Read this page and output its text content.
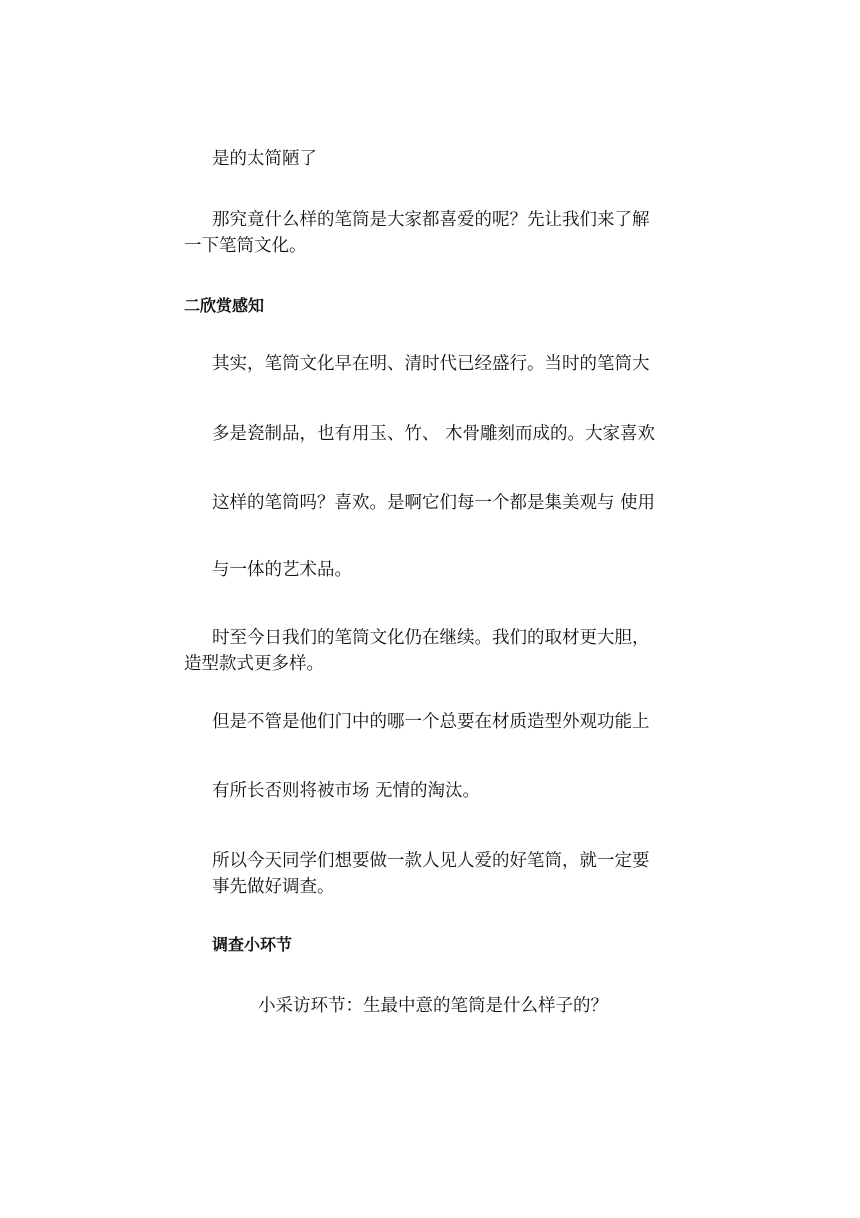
是的太简陋了

那究竟什么样的笔筒是大家都喜爱的呢？先让我们来了解

一下笔筒文化。

二欣赏感知

其实，笔筒文化早在明、清时代已经盛行。当时的笔筒大

多是瓷制品，也有用玉、竹、 木骨雕刻而成的。大家喜欢

这样的笔筒吗？喜欢。是啊它们每一个都是集美观与 使用

与一体的艺术品。

时至今日我们的笔筒文化仍在继续。我们的取材更大胆，

造型款式更多样。

但是不管是他们门中的哪一个总要在材质造型外观功能上

有所长否则将被市场 无情的淘汰。

所以今天同学们想要做一款人见人爱的好笔筒，就一定要

事先做好调查。

调查小环节

小采访环节：生最中意的笔筒是什么样子的？
